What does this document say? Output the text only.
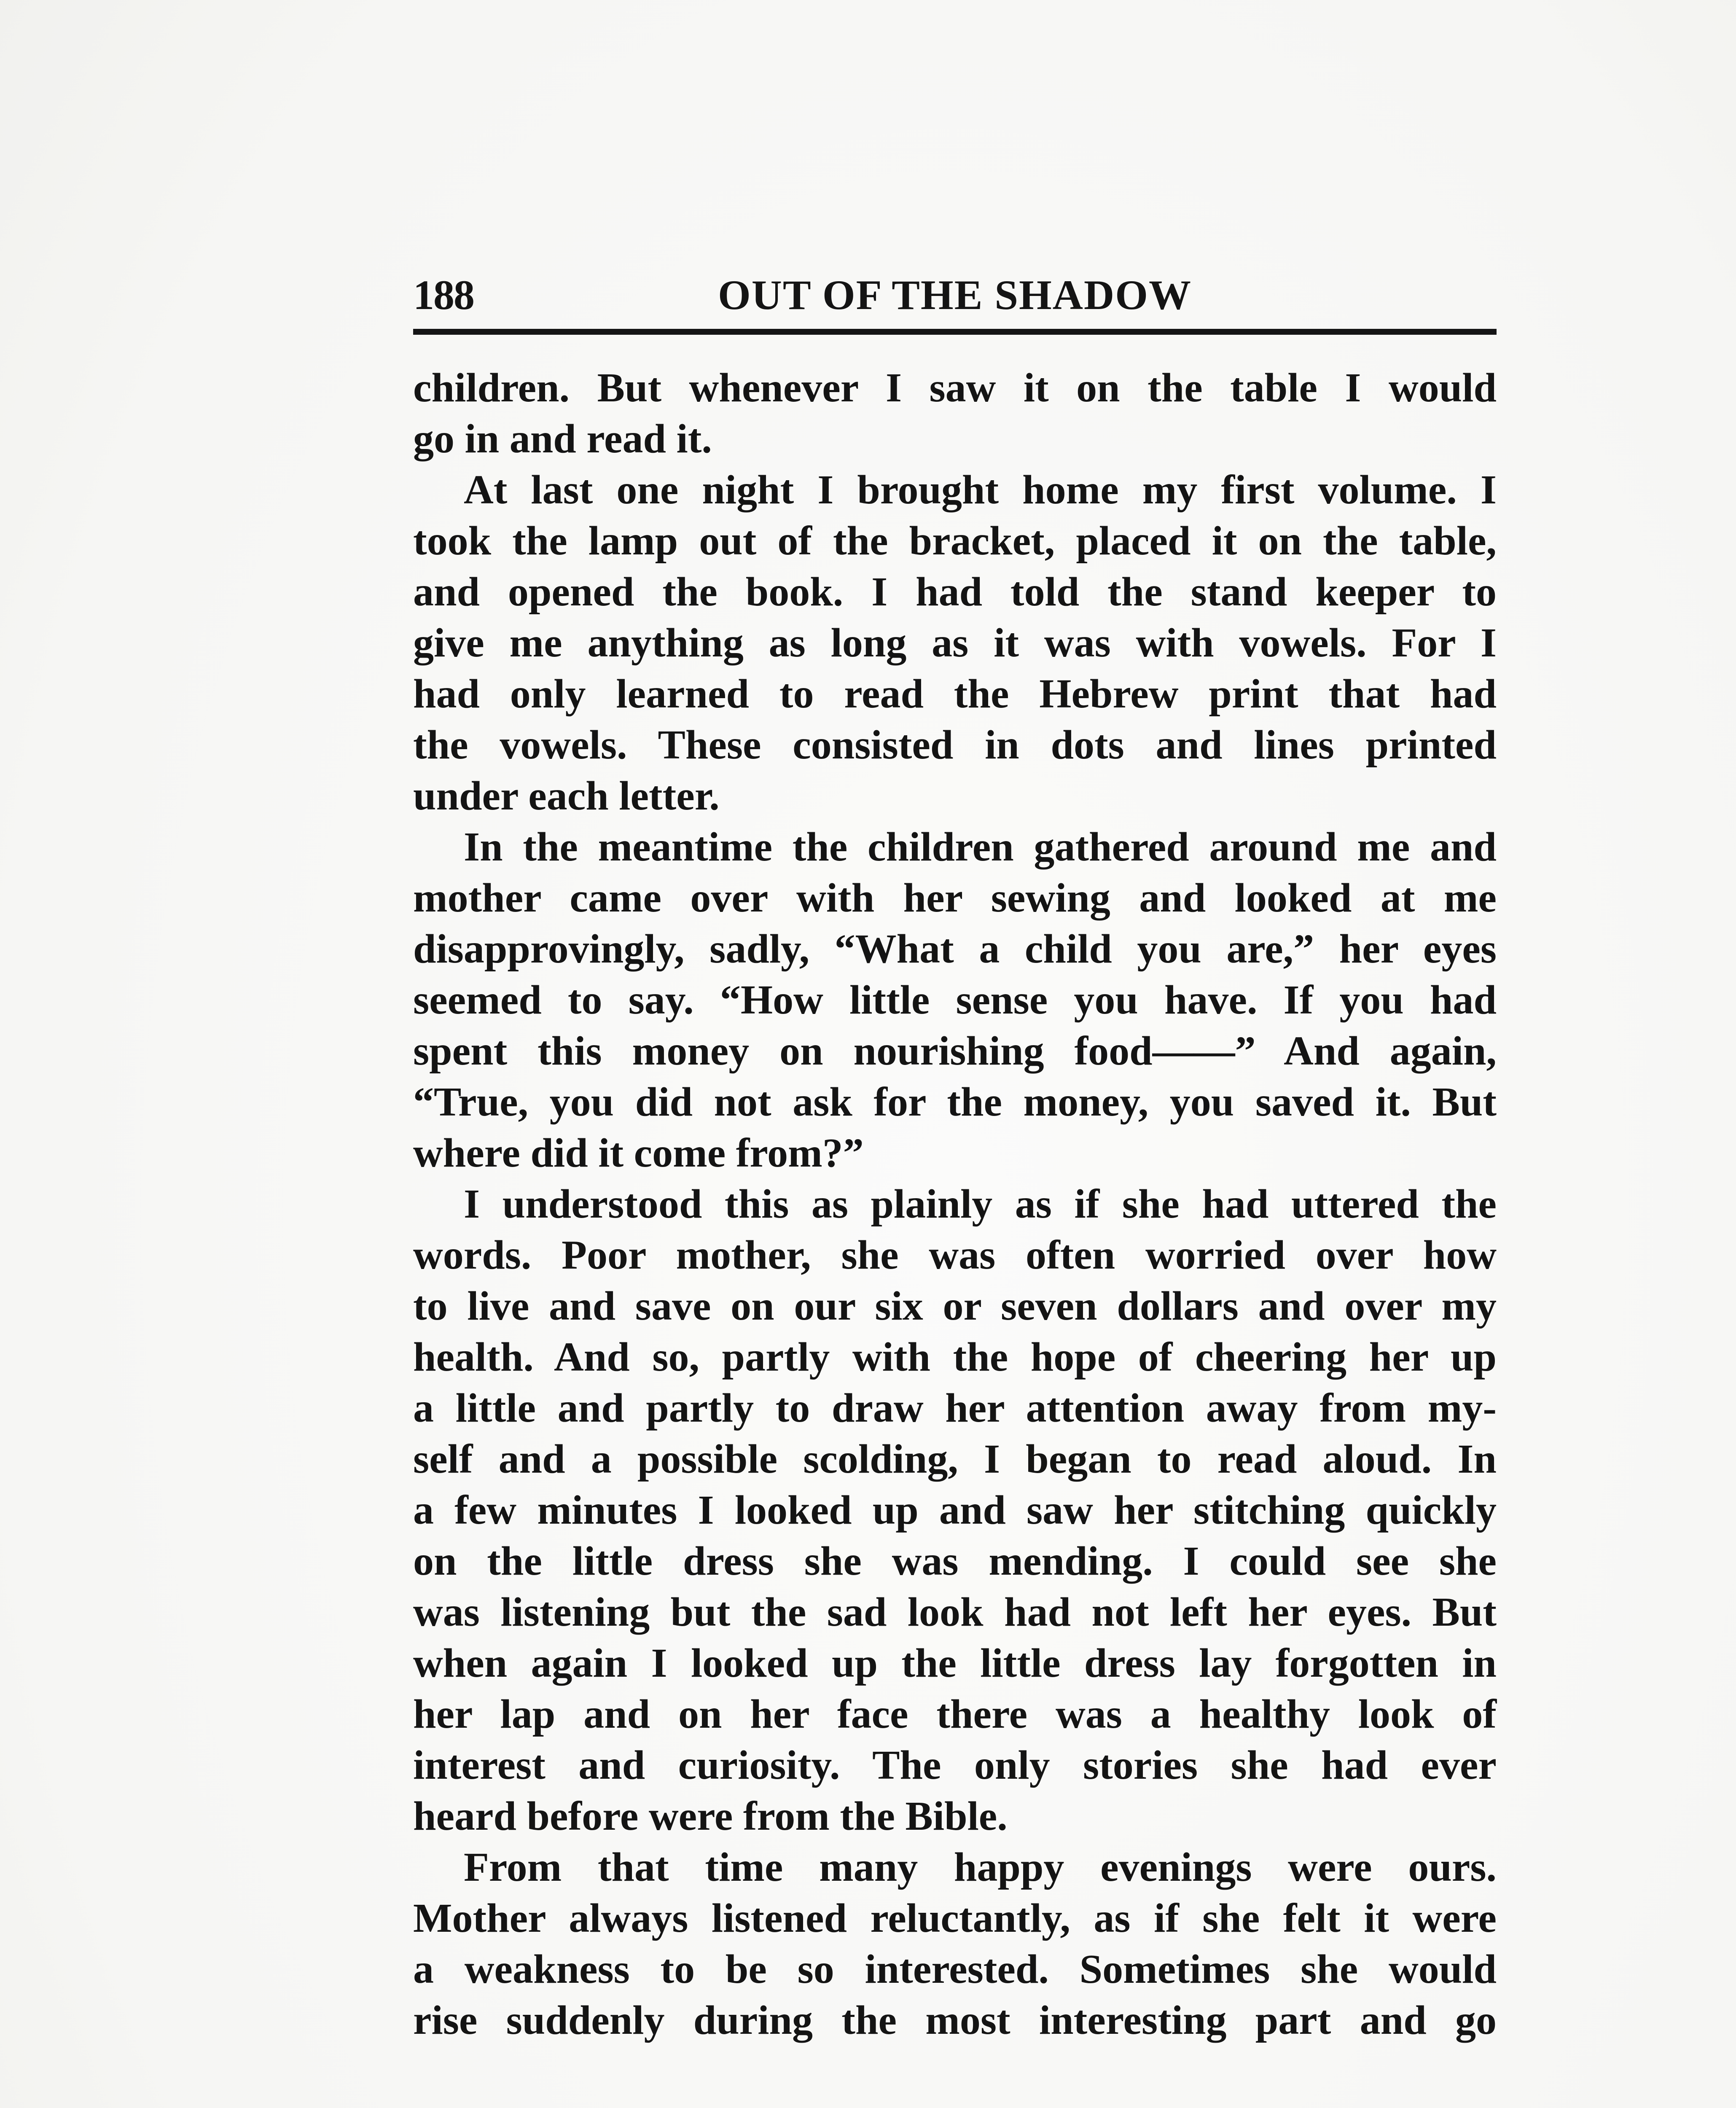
188	OUT OF THE SHADOW
children. But whenever I saw it on the table I would
go in and read it.
At last one night I brought home my first volume. I
took the lamp out of the bracket, placed it on the table,
and opened the book. I had told the stand keeper to
give me anything as long as it was with vowels. For I
had only learned to read the Hebrew print that had
the vowels. These consisted in dots and lines printed
under each letter.
In the meantime the children gathered around me and
mother came over with her sewing and looked at me
disapprovingly, sadly, “What a child you are,” her eyes
seemed to say. “How little sense you have. If you had
spent this money on nourishing food——” And again,
“True, you did not ask for the money, you saved it. But
where did it come from?”
I understood this as plainly as if she had uttered the
words. Poor mother, she was often worried over how
to live and save on our six or seven dollars and over my
health. And so, partly with the hope of cheering her up
a little and partly to draw her attention away from my-
self and a possible scolding, I began to read aloud. In
a few minutes I looked up and saw her stitching quickly
on the little dress she was mending. I could see she
was listening but the sad look had not left her eyes. But
when again I looked up the little dress lay forgotten in
her lap and on her face there was a healthy look of
interest and curiosity. The only stories she had ever
heard before were from the Bible.
From that time many happy evenings were ours.
Mother always listened reluctantly, as if she felt it were
a weakness to be so interested. Sometimes she would
rise suddenly during the most interesting part and go
